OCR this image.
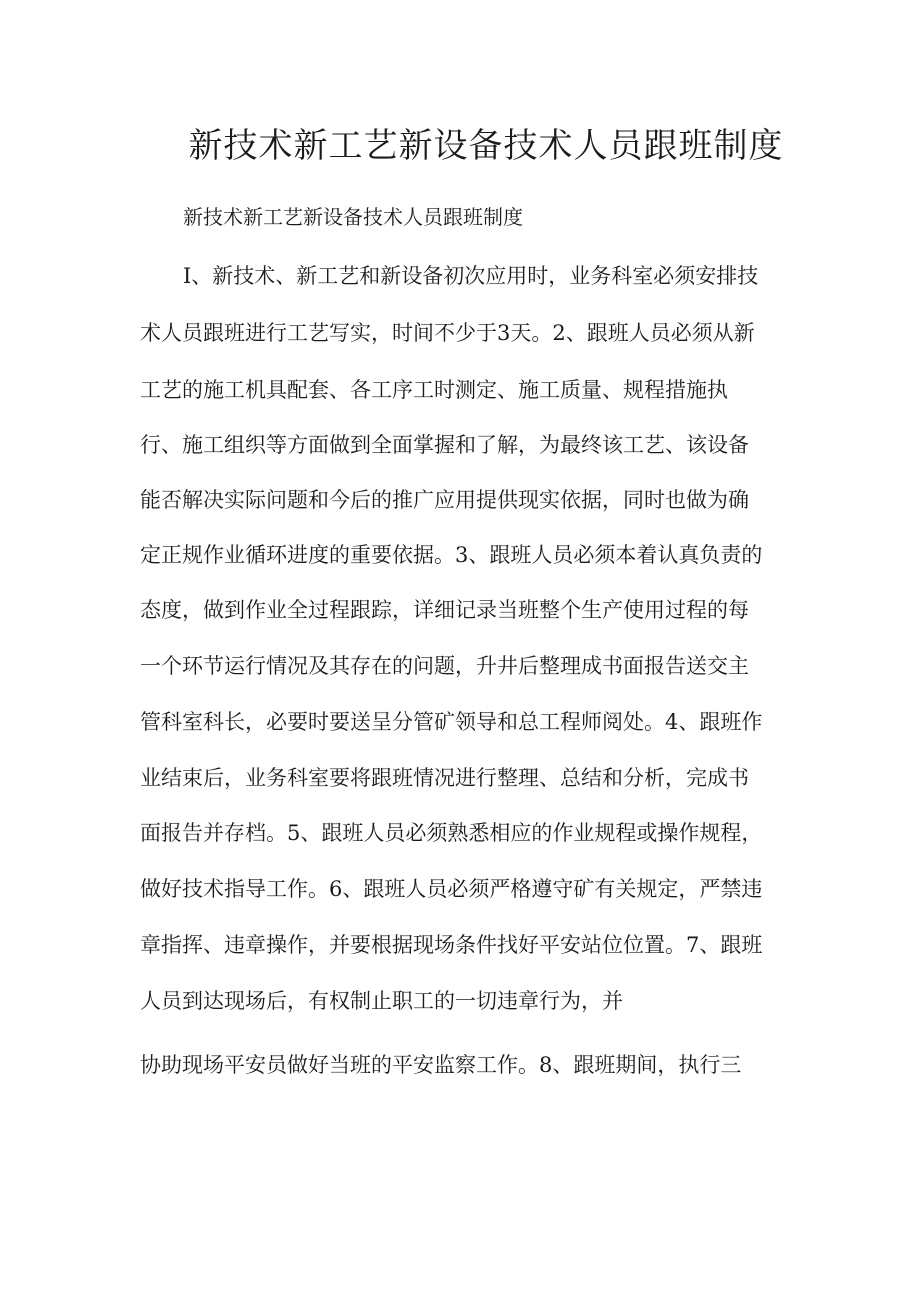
新技术新工艺新设备技术人员跟班制度
新技术新工艺新设备技术人员跟班制度
I、新技术、新工艺和新设备初次应用时，业务科室必须安排技
术人员跟班进行工艺写实，时间不少于3天。2、跟班人员必须从新
工艺的施工机具配套、各工序工时测定、施工质量、规程措施执
行、施工组织等方面做到全面掌握和了解，为最终该工艺、该设备
能否解决实际问题和今后的推广应用提供现实依据，同时也做为确
定正规作业循环进度的重要依据。3、跟班人员必须本着认真负责的
态度，做到作业全过程跟踪，详细记录当班整个生产使用过程的每
一个环节运行情况及其存在的问题，升井后整理成书面报告送交主
管科室科长，必要时要送呈分管矿领导和总工程师阅处。4、跟班作
业结束后，业务科室要将跟班情况进行整理、总结和分析，完成书
面报告并存档。5、跟班人员必须熟悉相应的作业规程或操作规程，
做好技术指导工作。6、跟班人员必须严格遵守矿有关规定，严禁违
章指挥、违章操作，并要根据现场条件找好平安站位位置。7、跟班
人员到达现场后，有权制止职工的一切违章行为，并
协助现场平安员做好当班的平安监察工作。8、跟班期间，执行三
